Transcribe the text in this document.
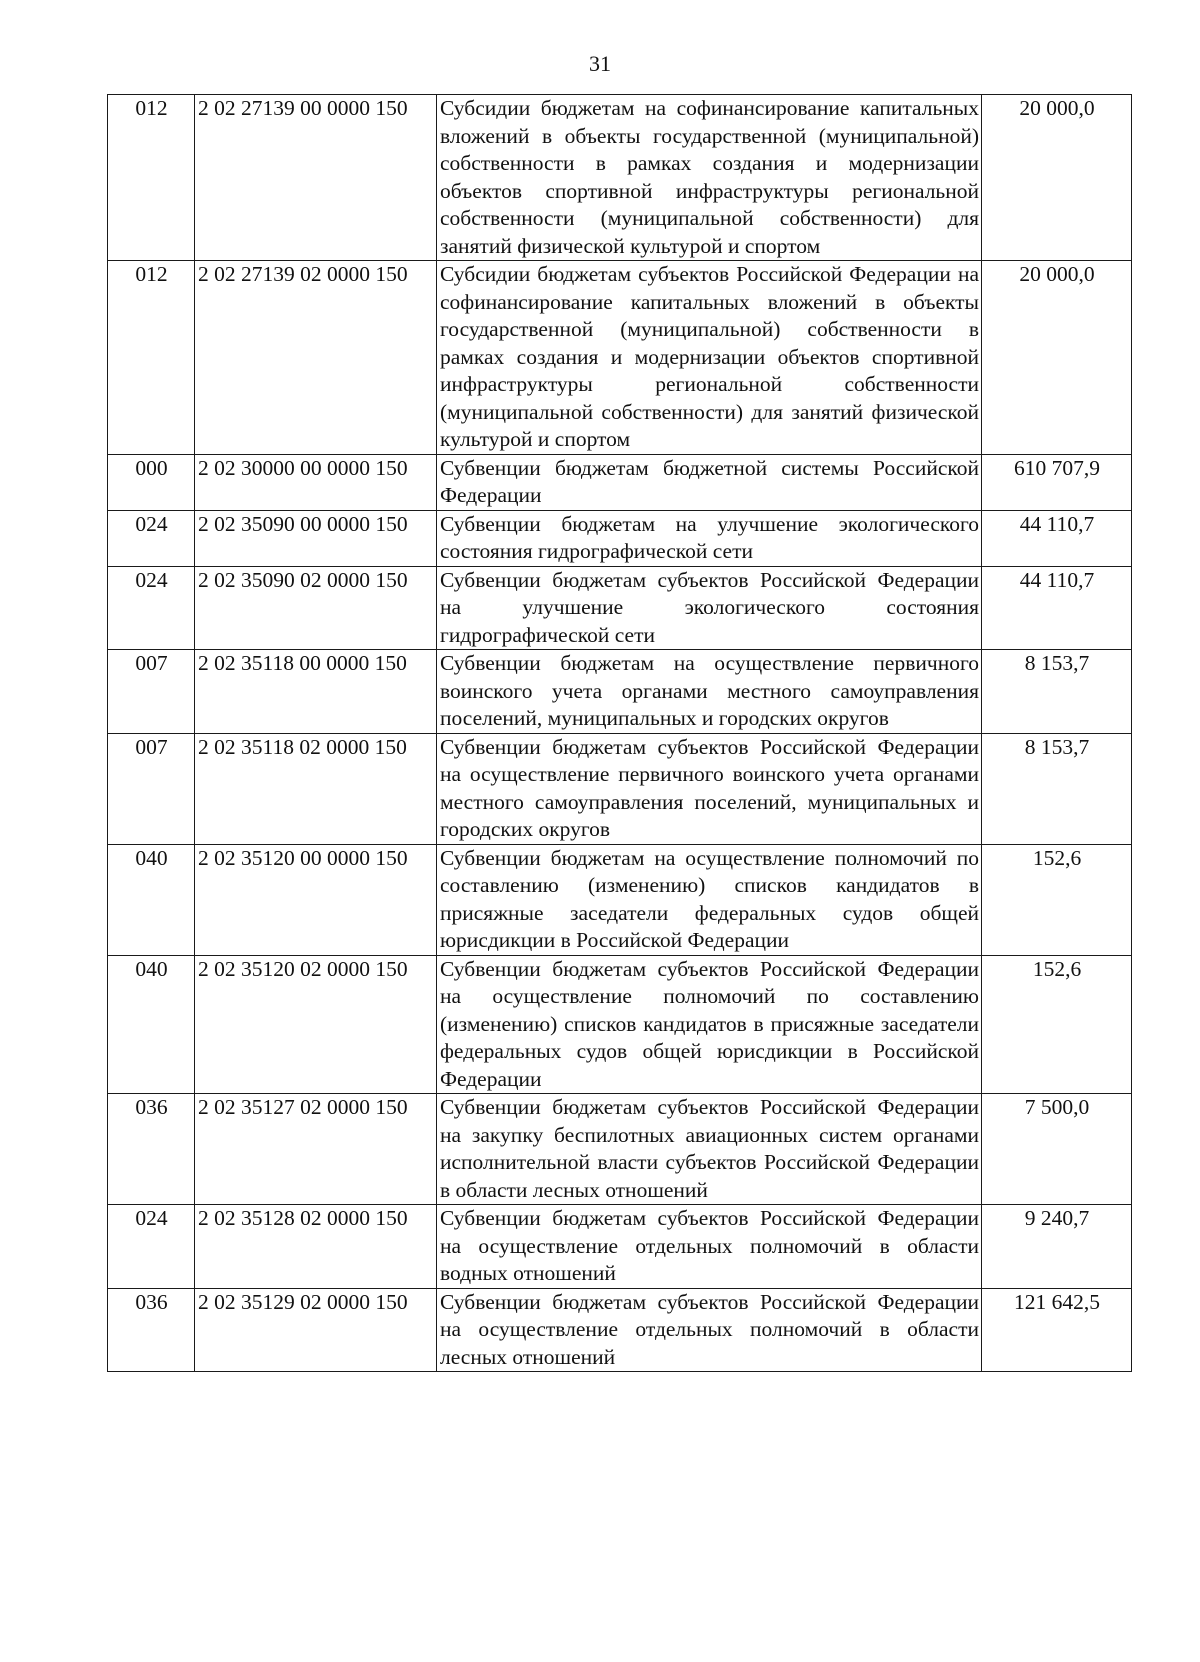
31
012	2 02 27139 00 0000 150	Субсидии бюджетам на софинансирование капитальных вложений в объекты государственной (муниципальной) собственности в рамках создания и модернизации объектов спортивной инфраструктуры региональной собственности (муниципальной собственности) для занятий физической культурой и спортом	20 000,0
012	2 02 27139 02 0000 150	Субсидии бюджетам субъектов Российской Федерации на софинансирование капитальных вложений в объекты государственной (муниципальной) собственности в рамках создания и модернизации объектов спортивной инфраструктуры региональной собственности (муниципальной собственности) для занятий физической культурой и спортом	20 000,0
000	2 02 30000 00 0000 150	Субвенции бюджетам бюджетной системы Российской Федерации	610 707,9
024	2 02 35090 00 0000 150	Субвенции бюджетам на улучшение экологического состояния гидрографической сети	44 110,7
024	2 02 35090 02 0000 150	Субвенции бюджетам субъектов Российской Федерации на улучшение экологического состояния гидрографической сети	44 110,7
007	2 02 35118 00 0000 150	Субвенции бюджетам на осуществление первичного воинского учета органами местного самоуправления поселений, муниципальных и городских округов	8 153,7
007	2 02 35118 02 0000 150	Субвенции бюджетам субъектов Российской Федерации на осуществление первичного воинского учета органами местного самоуправления поселений, муниципальных и городских округов	8 153,7
040	2 02 35120 00 0000 150	Субвенции бюджетам на осуществление полномочий по составлению (изменению) списков кандидатов в присяжные заседатели федеральных судов общей юрисдикции в Российской Федерации	152,6
040	2 02 35120 02 0000 150	Субвенции бюджетам субъектов Российской Федерации на осуществление полномочий по составлению (изменению) списков кандидатов в присяжные заседатели федеральных судов общей юрисдикции в Российской Федерации	152,6
036	2 02 35127 02 0000 150	Субвенции бюджетам субъектов Российской Федерации на закупку беспилотных авиационных систем органами исполнительной власти субъектов Российской Федерации в области лесных отношений	7 500,0
024	2 02 35128 02 0000 150	Субвенции бюджетам субъектов Российской Федерации на осуществление отдельных полномочий в области водных отношений	9 240,7
036	2 02 35129 02 0000 150	Субвенции бюджетам субъектов Российской Федерации на осуществление отдельных полномочий в области лесных отношений	121 642,5
